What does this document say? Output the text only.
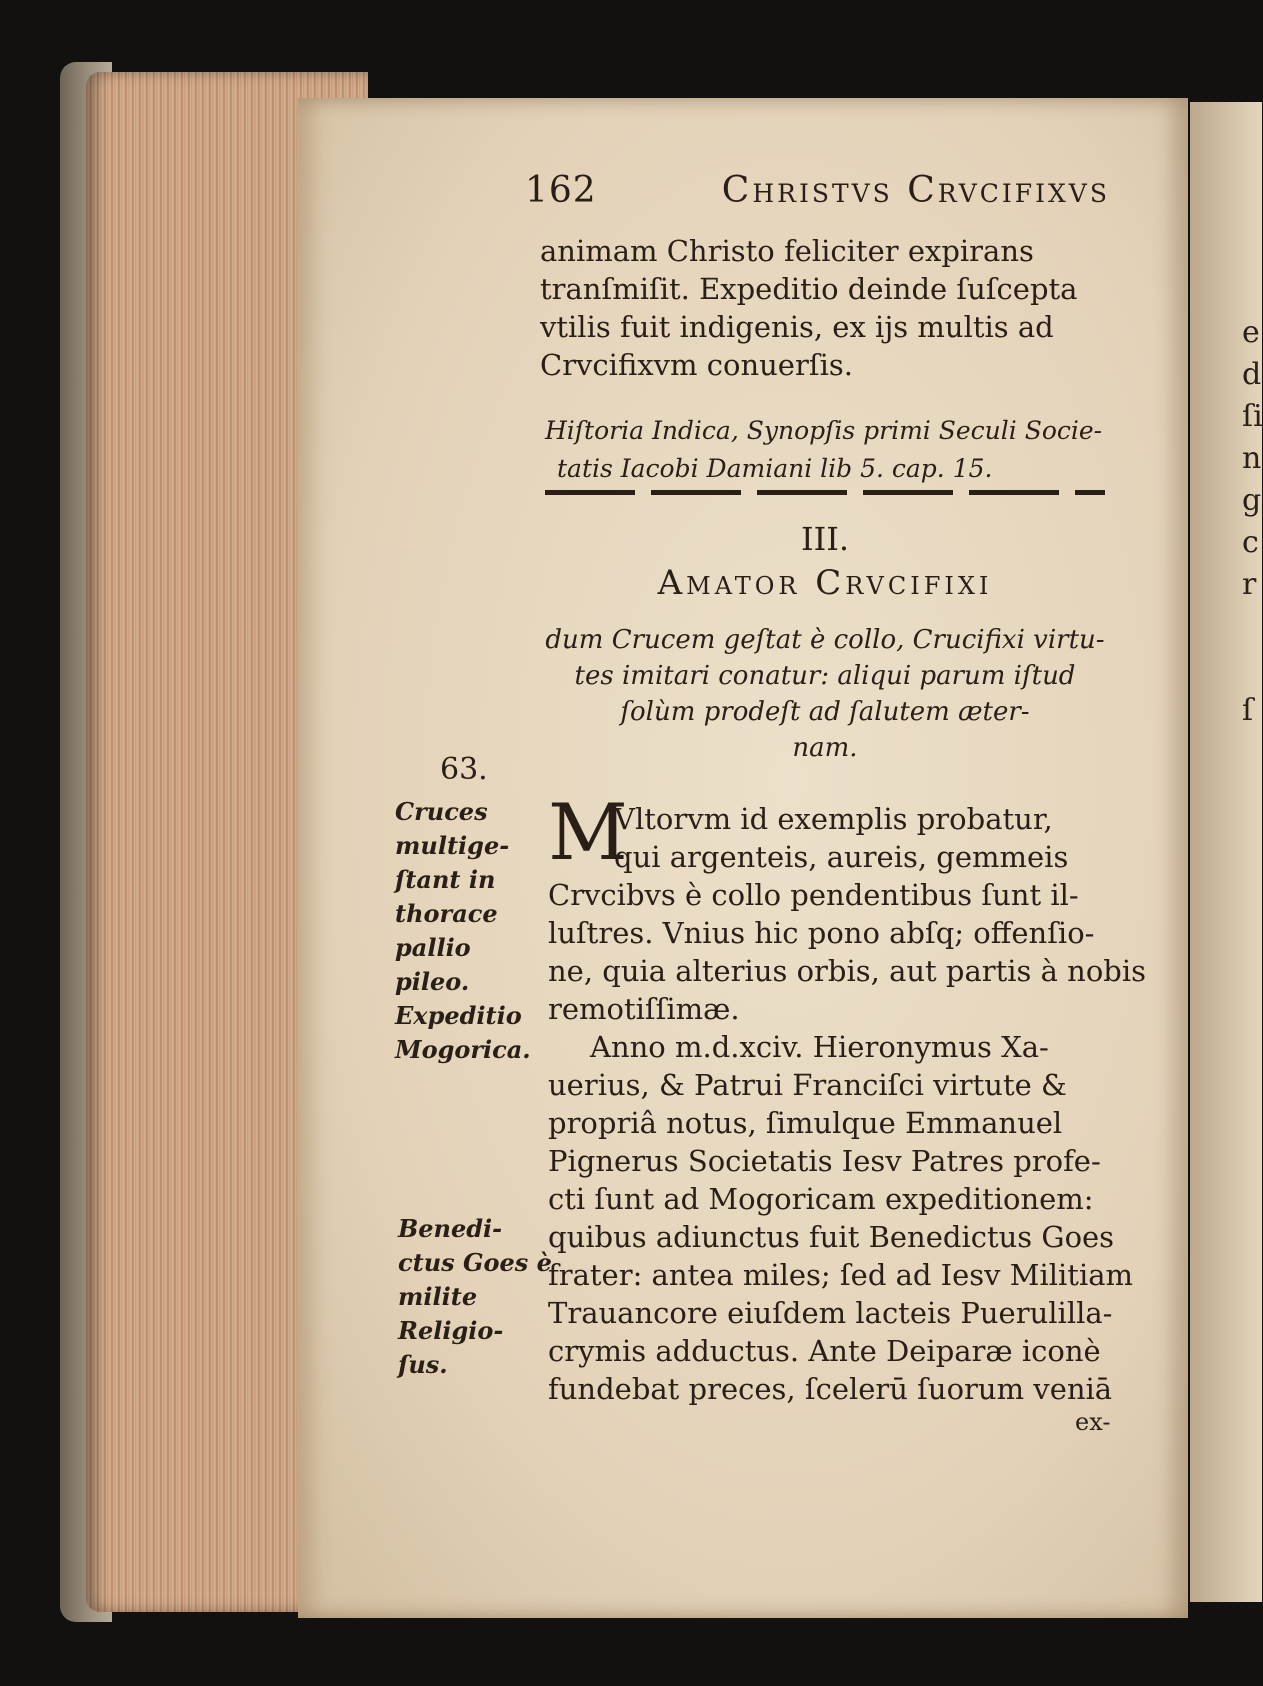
e
d
ſi
n
g
c
r

ſ
162	Christvs Crvcifixvs
animam Christo feliciter expirans
tranſmiſit. Expeditio deinde ſuſcepta
vtilis fuit indigenis, ex ijs multis ad
Crvcifixvm conuerſis.
Hiſtoria Indica, Synopſis primi Seculi Socie-
tatis Iacobi Damiani lib 5. cap. 15.
III.
Amator Crvcifixi
dum Crucem geſtat è collo, Crucifixi virtu-
tes imitari conatur: aliqui parum iſtud
ſolùm prodeſt ad ſalutem æter-
nam.
M
Vltorvm id exemplis probatur,
qui argenteis, aureis, gemmeis
Crvcibvs è collo pendentibus ſunt il-
luſtres. Vnius hic pono abſq; offenſio-
ne, quia alterius orbis, aut partis à nobis
remotiſſimæ.
Anno m.d.xciv. Hieronymus Xa-
uerius, & Patrui Franciſci virtute &
propriâ notus, ſimulque Emmanuel
Pignerus Societatis Iesv Patres profe-
cti ſunt ad Mogoricam expeditionem:
quibus adiunctus fuit Benedictus Goes
frater: antea miles; ſed ad Iesv Militiam
Trauancore eiuſdem lacteis Puerulilla-
crymis adductus. Ante Deiparæ iconè
fundebat preces, ſcelerū ſuorum veniā
ex-
63.
Cruces
multige-
ſtant in
thorace
pallio
pileo.
Expeditio
Mogorica.
Benedi-
ctus Goes è
milite
Religio-
ſus.
